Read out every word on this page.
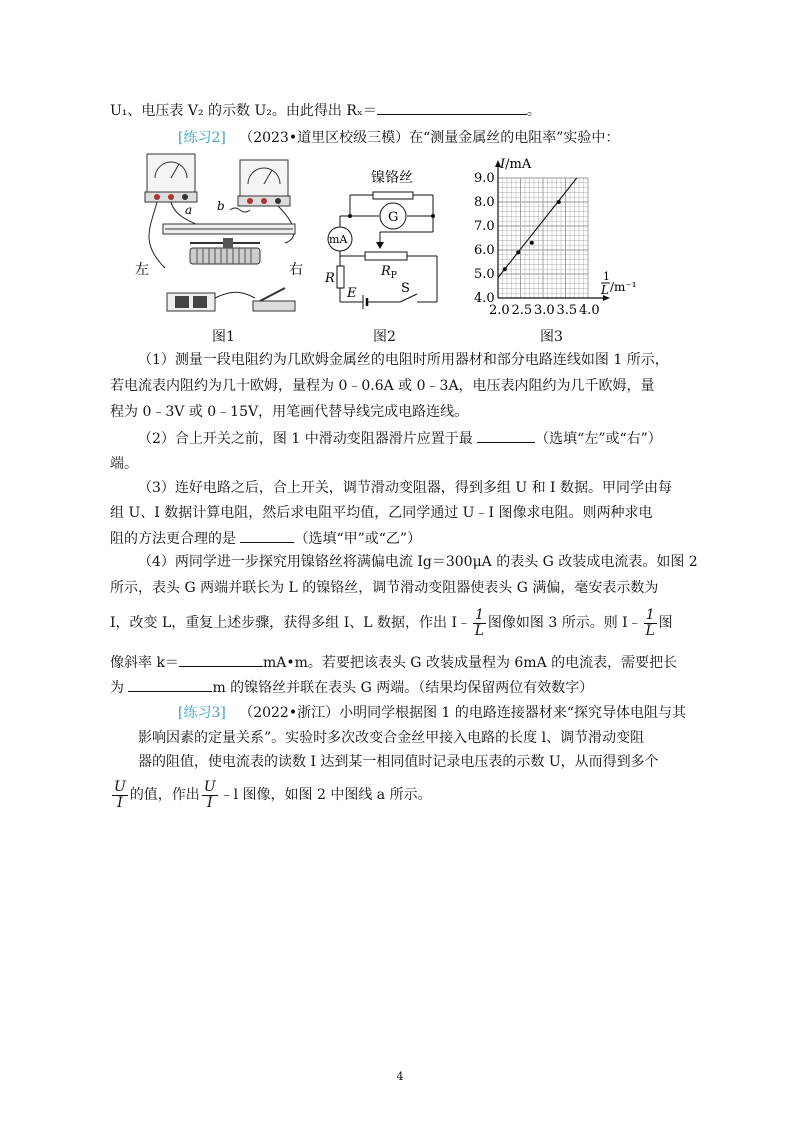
U₁、电压表 V₂ 的示数 U₂。由此得出 Rₓ＝	。
[练习2] （2023•道里区校级三模）在“测量金属丝的电阻率”实验中：
a b
左	右
图1
镍铬丝
G
mA
R	$R_P$
E	S
图2
2.0 2.5 3.0 3.5 4.0
4.0
5.0
6.0
7.0
8.0
9.0
I/mA
1
L /m⁻¹
图3
（1）测量一段电阻约为几欧姆金属丝的电阻时所用器材和部分电路连线如图 1 所示，
若电流表内阻约为几十欧姆，量程为 0﹣0.6A 或 0﹣3A，电压表内阻约为几千欧姆，量
程为 0﹣3V 或 0﹣15V，用笔画代替导线完成电路连线。
（2）合上开关之前，图 1 中滑动变阻器滑片应置于最	（选填“左”或“右”）
端。
（3）连好电路之后，合上开关，调节滑动变阻器，得到多组 U 和 I 数据。甲同学由每
组 U、I 数据计算电阻，然后求电阻平均值，乙同学通过 U﹣I 图像求电阻。则两种求电
阻的方法更合理的是	（选填“甲”或“乙”）
（4）两同学进一步探究用镍铬丝将满偏电流 Ig＝300μA 的表头 G 改装成电流表。如图 2
所示，表头 G 两端并联长为 L 的镍铬丝，调节滑动变阻器使表头 G 满偏，毫安表示数为
I，改变 L，重复上述步骤，获得多组 I、L 数据，作出 I﹣ $\frac{1}{L}$ 图像如图 3 所示。则 I﹣ $\frac{1}{L}$ 图
像斜率 k＝	mA•m。若要把该表头 G 改装成量程为 6mA 的电流表，需要把长
为	m 的镍铬丝并联在表头 G 两端。（结果均保留两位有效数字）
[练习3] （2022•浙江）小明同学根据图 1 的电路连接器材来“探究导体电阻与其
影响因素的定量关系”。实验时多次改变合金丝甲接入电路的长度 l、调节滑动变阻
器的阻值，使电流表的读数 I 达到某一相同值时记录电压表的示数 U，从而得到多个
$\frac{U}{I}$ 的值，作出 $\frac{U}{I}$ ﹣l 图像，如图 2 中图线 a 所示。
4
